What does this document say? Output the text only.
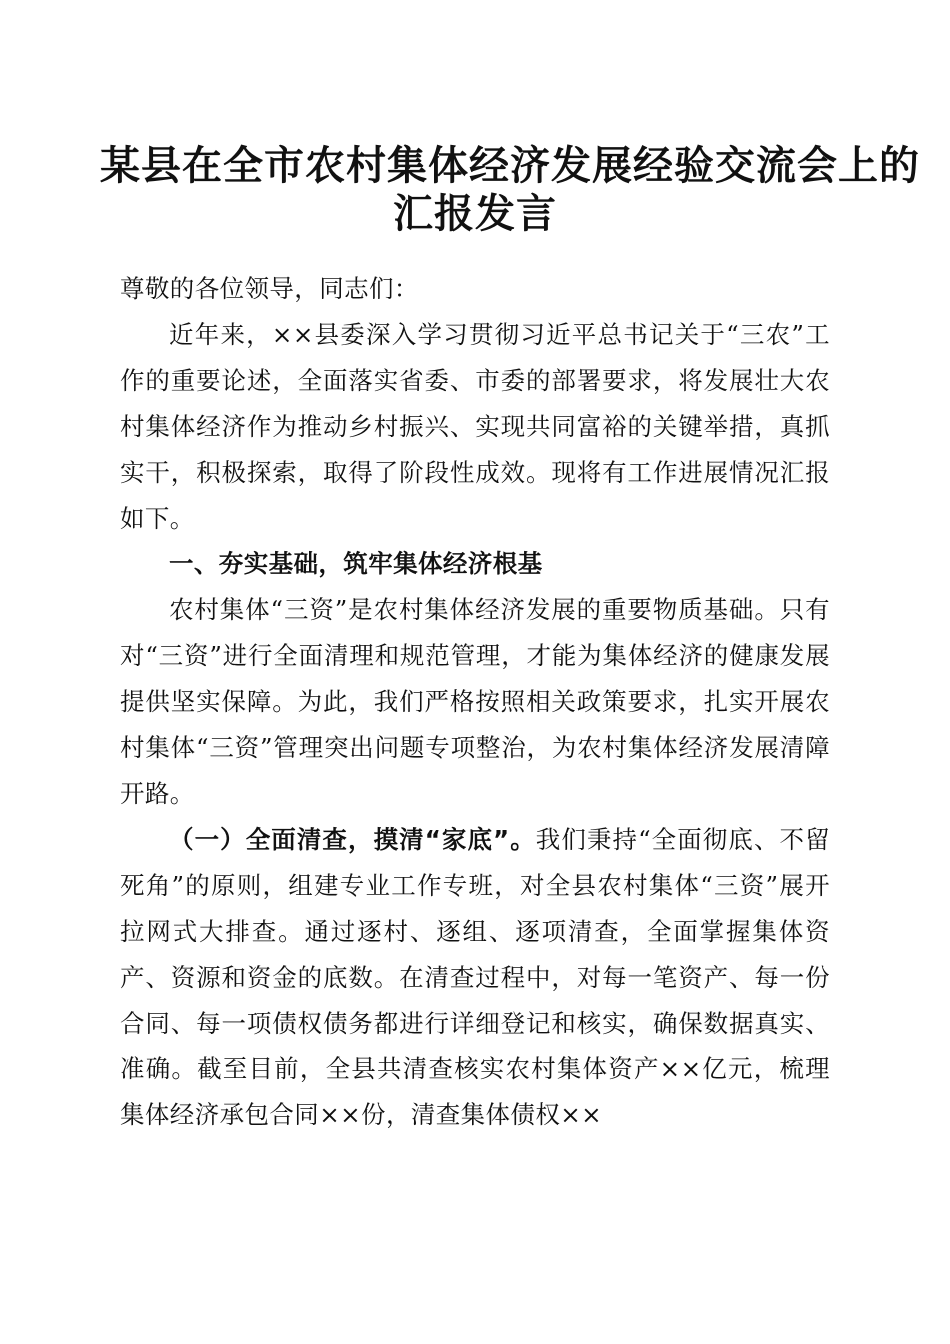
某县在全市农村集体经济发展经验交流会上的
汇报发言

尊敬的各位领导，同志们：

近年来，××县委深入学习贯彻习近平总书记关于“三农”工作的重要论述，全面落实省委、市委的部署要求，将发展壮大农村集体经济作为推动乡村振兴、实现共同富裕的关键举措，真抓实干，积极探索，取得了阶段性成效。现将有工作进展情况汇报如下。

一、夯实基础，筑牢集体经济根基

农村集体“三资”是农村集体经济发展的重要物质基础。只有对“三资”进行全面清理和规范管理，才能为集体经济的健康发展提供坚实保障。为此，我们严格按照相关政策要求，扎实开展农村集体“三资”管理突出问题专项整治，为农村集体经济发展清障开路。

（一）全面清查，摸清“家底”。我们秉持“全面彻底、不留死角”的原则，组建专业工作专班，对全县农村集体“三资”展开拉网式大排查。通过逐村、逐组、逐项清查，全面掌握集体资产、资源和资金的底数。在清查过程中，对每一笔资产、每一份合同、每一项债权债务都进行详细登记和核实，确保数据真实、准确。截至目前，全县共清查核实农村集体资产××亿元，梳理集体经济承包合同××份，清查集体债权××
